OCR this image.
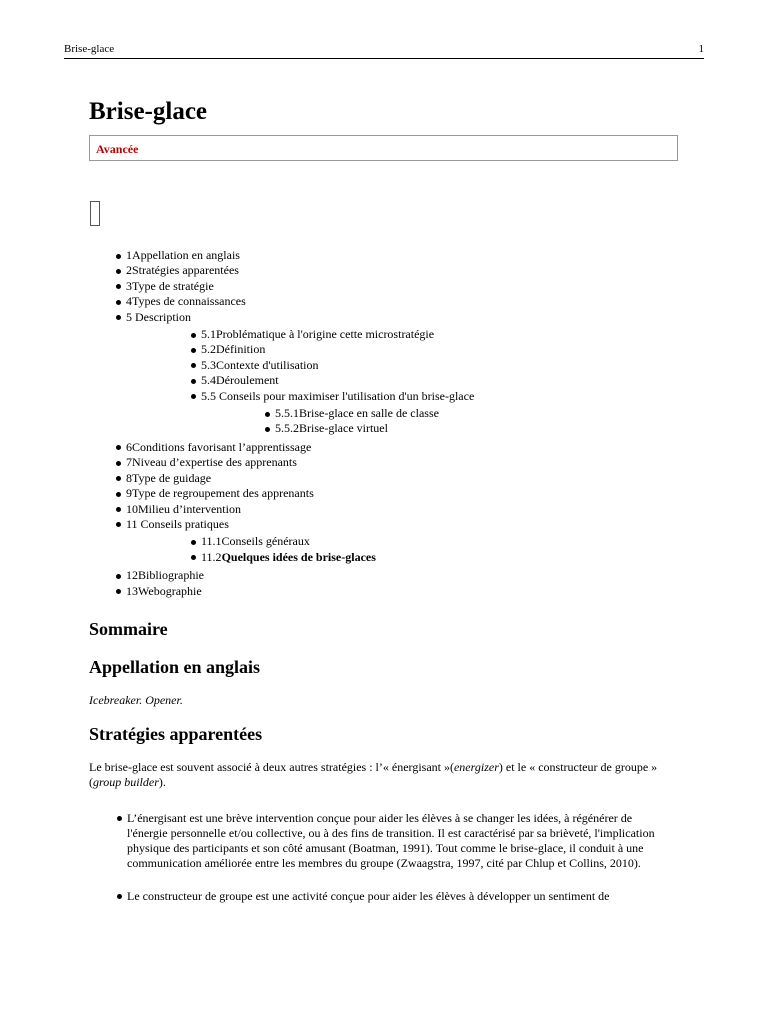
Brise-glace	1
Brise-glace
Avancée
1Appellation en anglais
2Stratégies apparentées
3Type de stratégie
4Types de connaissances
5 Description
5.1Problématique à l'origine cette microstratégie
5.2Définition
5.3Contexte d'utilisation
5.4Déroulement
5.5 Conseils pour maximiser l'utilisation d'un brise-glace
5.5.1Brise-glace en salle de classe
5.5.2Brise-glace virtuel
6Conditions favorisant l’apprentissage
7Niveau d’expertise des apprenants
8Type de guidage
9Type de regroupement des apprenants
10Milieu d’intervention
11 Conseils pratiques
11.1Conseils généraux
11.2Quelques idées de brise-glaces
12Bibliographie
13Webographie
Sommaire
Appellation en anglais

Icebreaker. Opener.

Stratégies apparentées

Le brise-glace est souvent associé à deux autres stratégies : l’« énergisant »(energizer) et le « constructeur de groupe » (group builder).

L’énergisant est une brève intervention conçue pour aider les élèves à se changer les idées, à régénérer de l'énergie personnelle et/ou collective, ou à des fins de transition. Il est caractérisé par sa brièveté, l'implication physique des participants et son côté amusant (Boatman, 1991). Tout comme le brise-glace, il conduit à une communication améliorée entre les membres du groupe (Zwaagstra, 1997, cité par Chlup et Collins, 2010).
Le constructeur de groupe est une activité conçue pour aider les élèves à développer un sentiment de
